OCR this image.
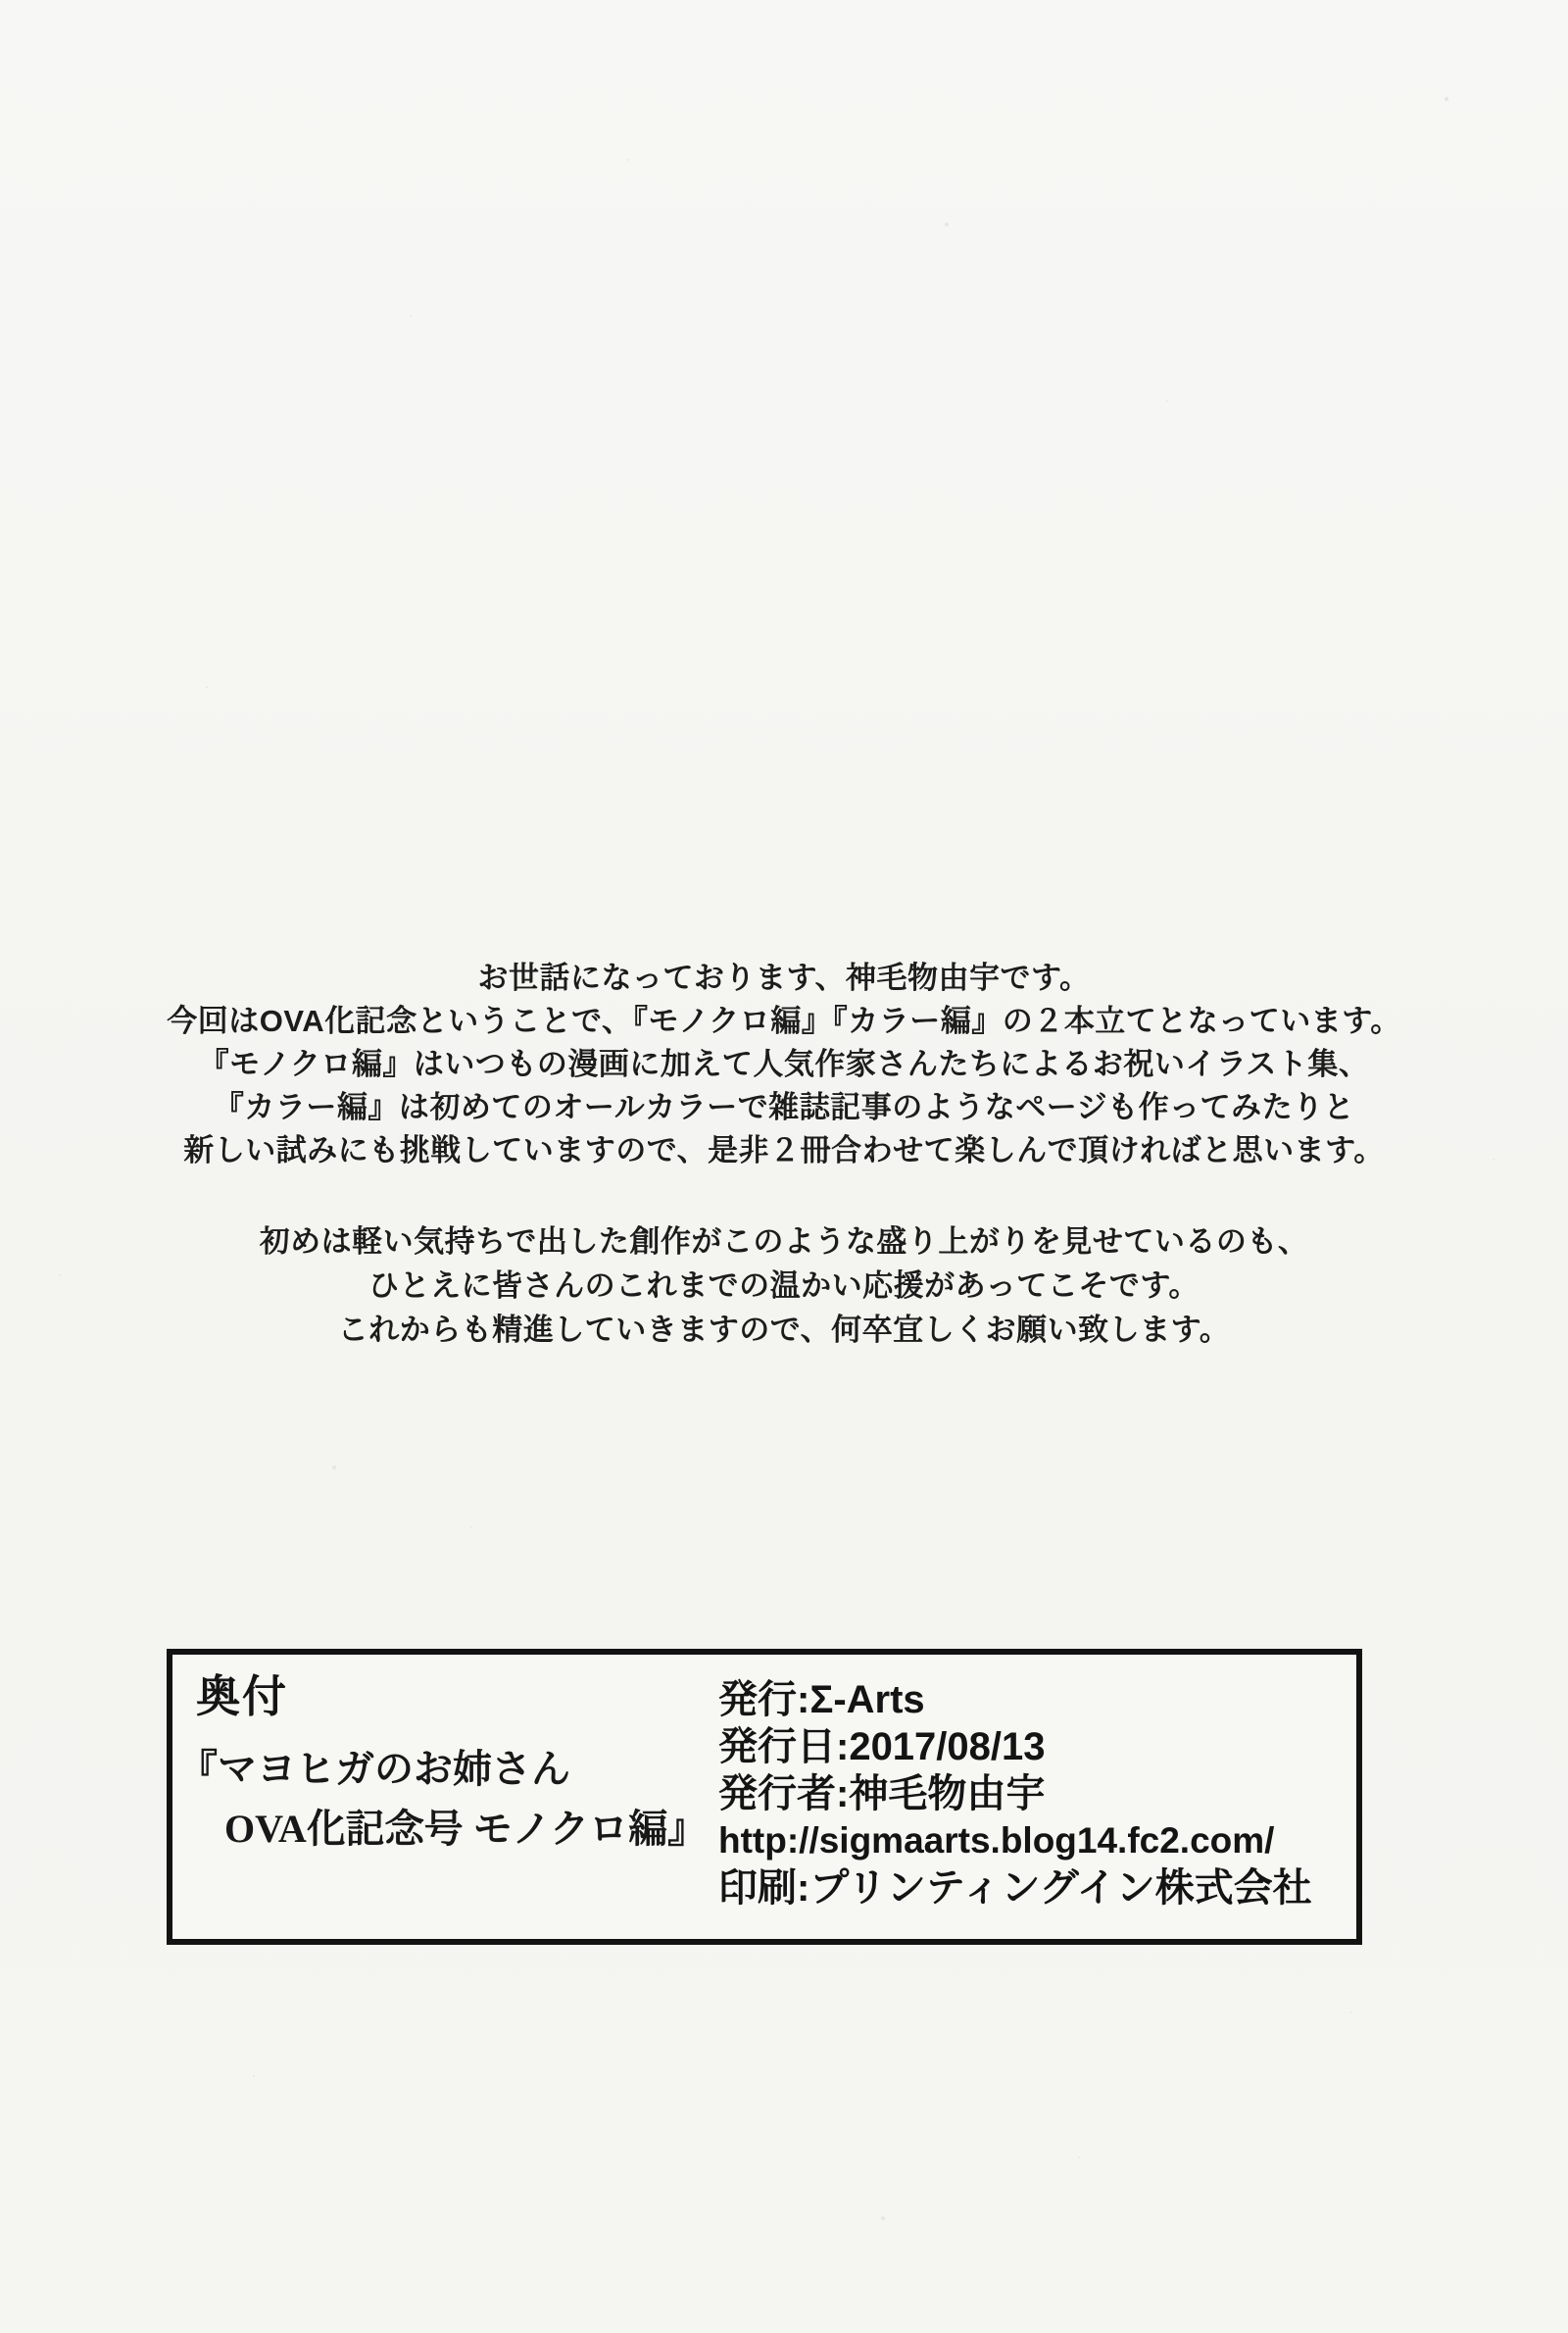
お世話になっております、神毛物由宇です。
今回はOVA化記念ということで、『モノクロ編』『カラー編』の２本立てとなっています。
『モノクロ編』はいつもの漫画に加えて人気作家さんたちによるお祝いイラスト集、
『カラー編』は初めてのオールカラーで雑誌記事のようなページも作ってみたりと
新しい試みにも挑戦していますので、是非２冊合わせて楽しんで頂ければと思います。
初めは軽い気持ちで出した創作がこのような盛り上がりを見せているのも、
ひとえに皆さんのこれまでの温かい応援があってこそです。
これからも精進していきますので、何卒宜しくお願い致します。
奥付
『マヨヒガのお姉さん
OVA化記念号 モノクロ編』
発行:Σ-Arts
発行日:2017/08/13
発行者:神毛物由宇
http://sigmaarts.blog14.fc2.com/
印刷:プリンティングイン株式会社
